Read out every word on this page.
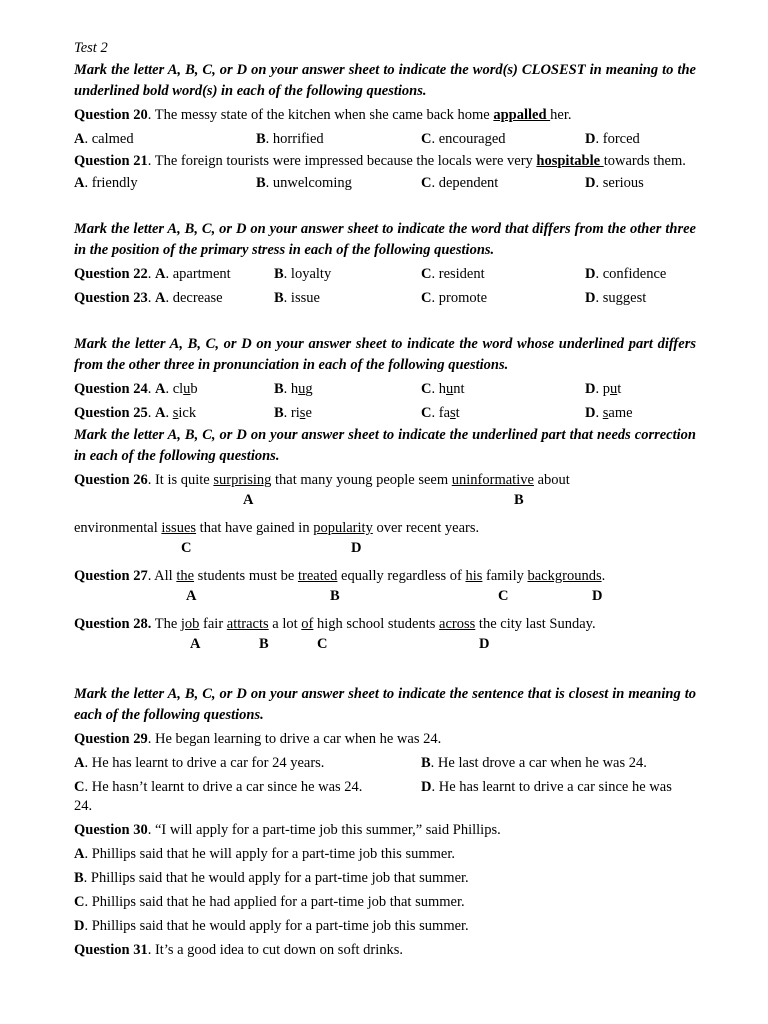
Test 2
Mark the letter A, B, C, or D on your answer sheet to indicate the word(s) CLOSEST in meaning to the underlined bold word(s) in each of the following questions.
Question 20. The messy state of the kitchen when she came back home appalled her.
A. calmed	B. horrified	C. encouraged	D. forced
Question 21. The foreign tourists were impressed because the locals were very hospitable towards them.
A. friendly	B. unwelcoming	C. dependent	D. serious
Mark the letter A, B, C, or D on your answer sheet to indicate the word that differs from the other three in the position of the primary stress in each of the following questions.
Question 22. A. apartment	B. loyalty	C. resident	D. confidence
Question 23. A. decrease	B. issue	C. promote	D. suggest
Mark the letter A, B, C, or D on your answer sheet to indicate the word whose underlined part differs from the other three in pronunciation in each of the following questions.
Question 24. A. club	B. hug	C. hunt	D. put
Question 25. A. sick	B. rise	C. fast	D. same
Mark the letter A, B, C, or D on your answer sheet to indicate the underlined part that needs correction in each of the following questions.
Question 26. It is quite surprising that many young people seem uninformative about
A	B
environmental issues that have gained in popularity over recent years.
C	D
Question 27. All the students must be treated equally regardless of his family backgrounds.
A	B	C	D
Question 28. The job fair attracts a lot of high school students across the city last Sunday.
A	B	C	D
Mark the letter A, B, C, or D on your answer sheet to indicate the sentence that is closest in meaning to each of the following questions.
Question 29. He began learning to drive a car when he was 24.
A. He has learnt to drive a car for 24 years.	B. He last drove a car when he was 24.
C. He hasn’t learnt to drive a car since he was 24.	D. He has learnt to drive a car since he was
24.
Question 30. “I will apply for a part-time job this summer,” said Phillips.
A. Phillips said that he will apply for a part-time job this summer.
B. Phillips said that he would apply for a part-time job that summer.
C. Phillips said that he had applied for a part-time job that summer.
D. Phillips said that he would apply for a part-time job this summer.
Question 31. It’s a good idea to cut down on soft drinks.
